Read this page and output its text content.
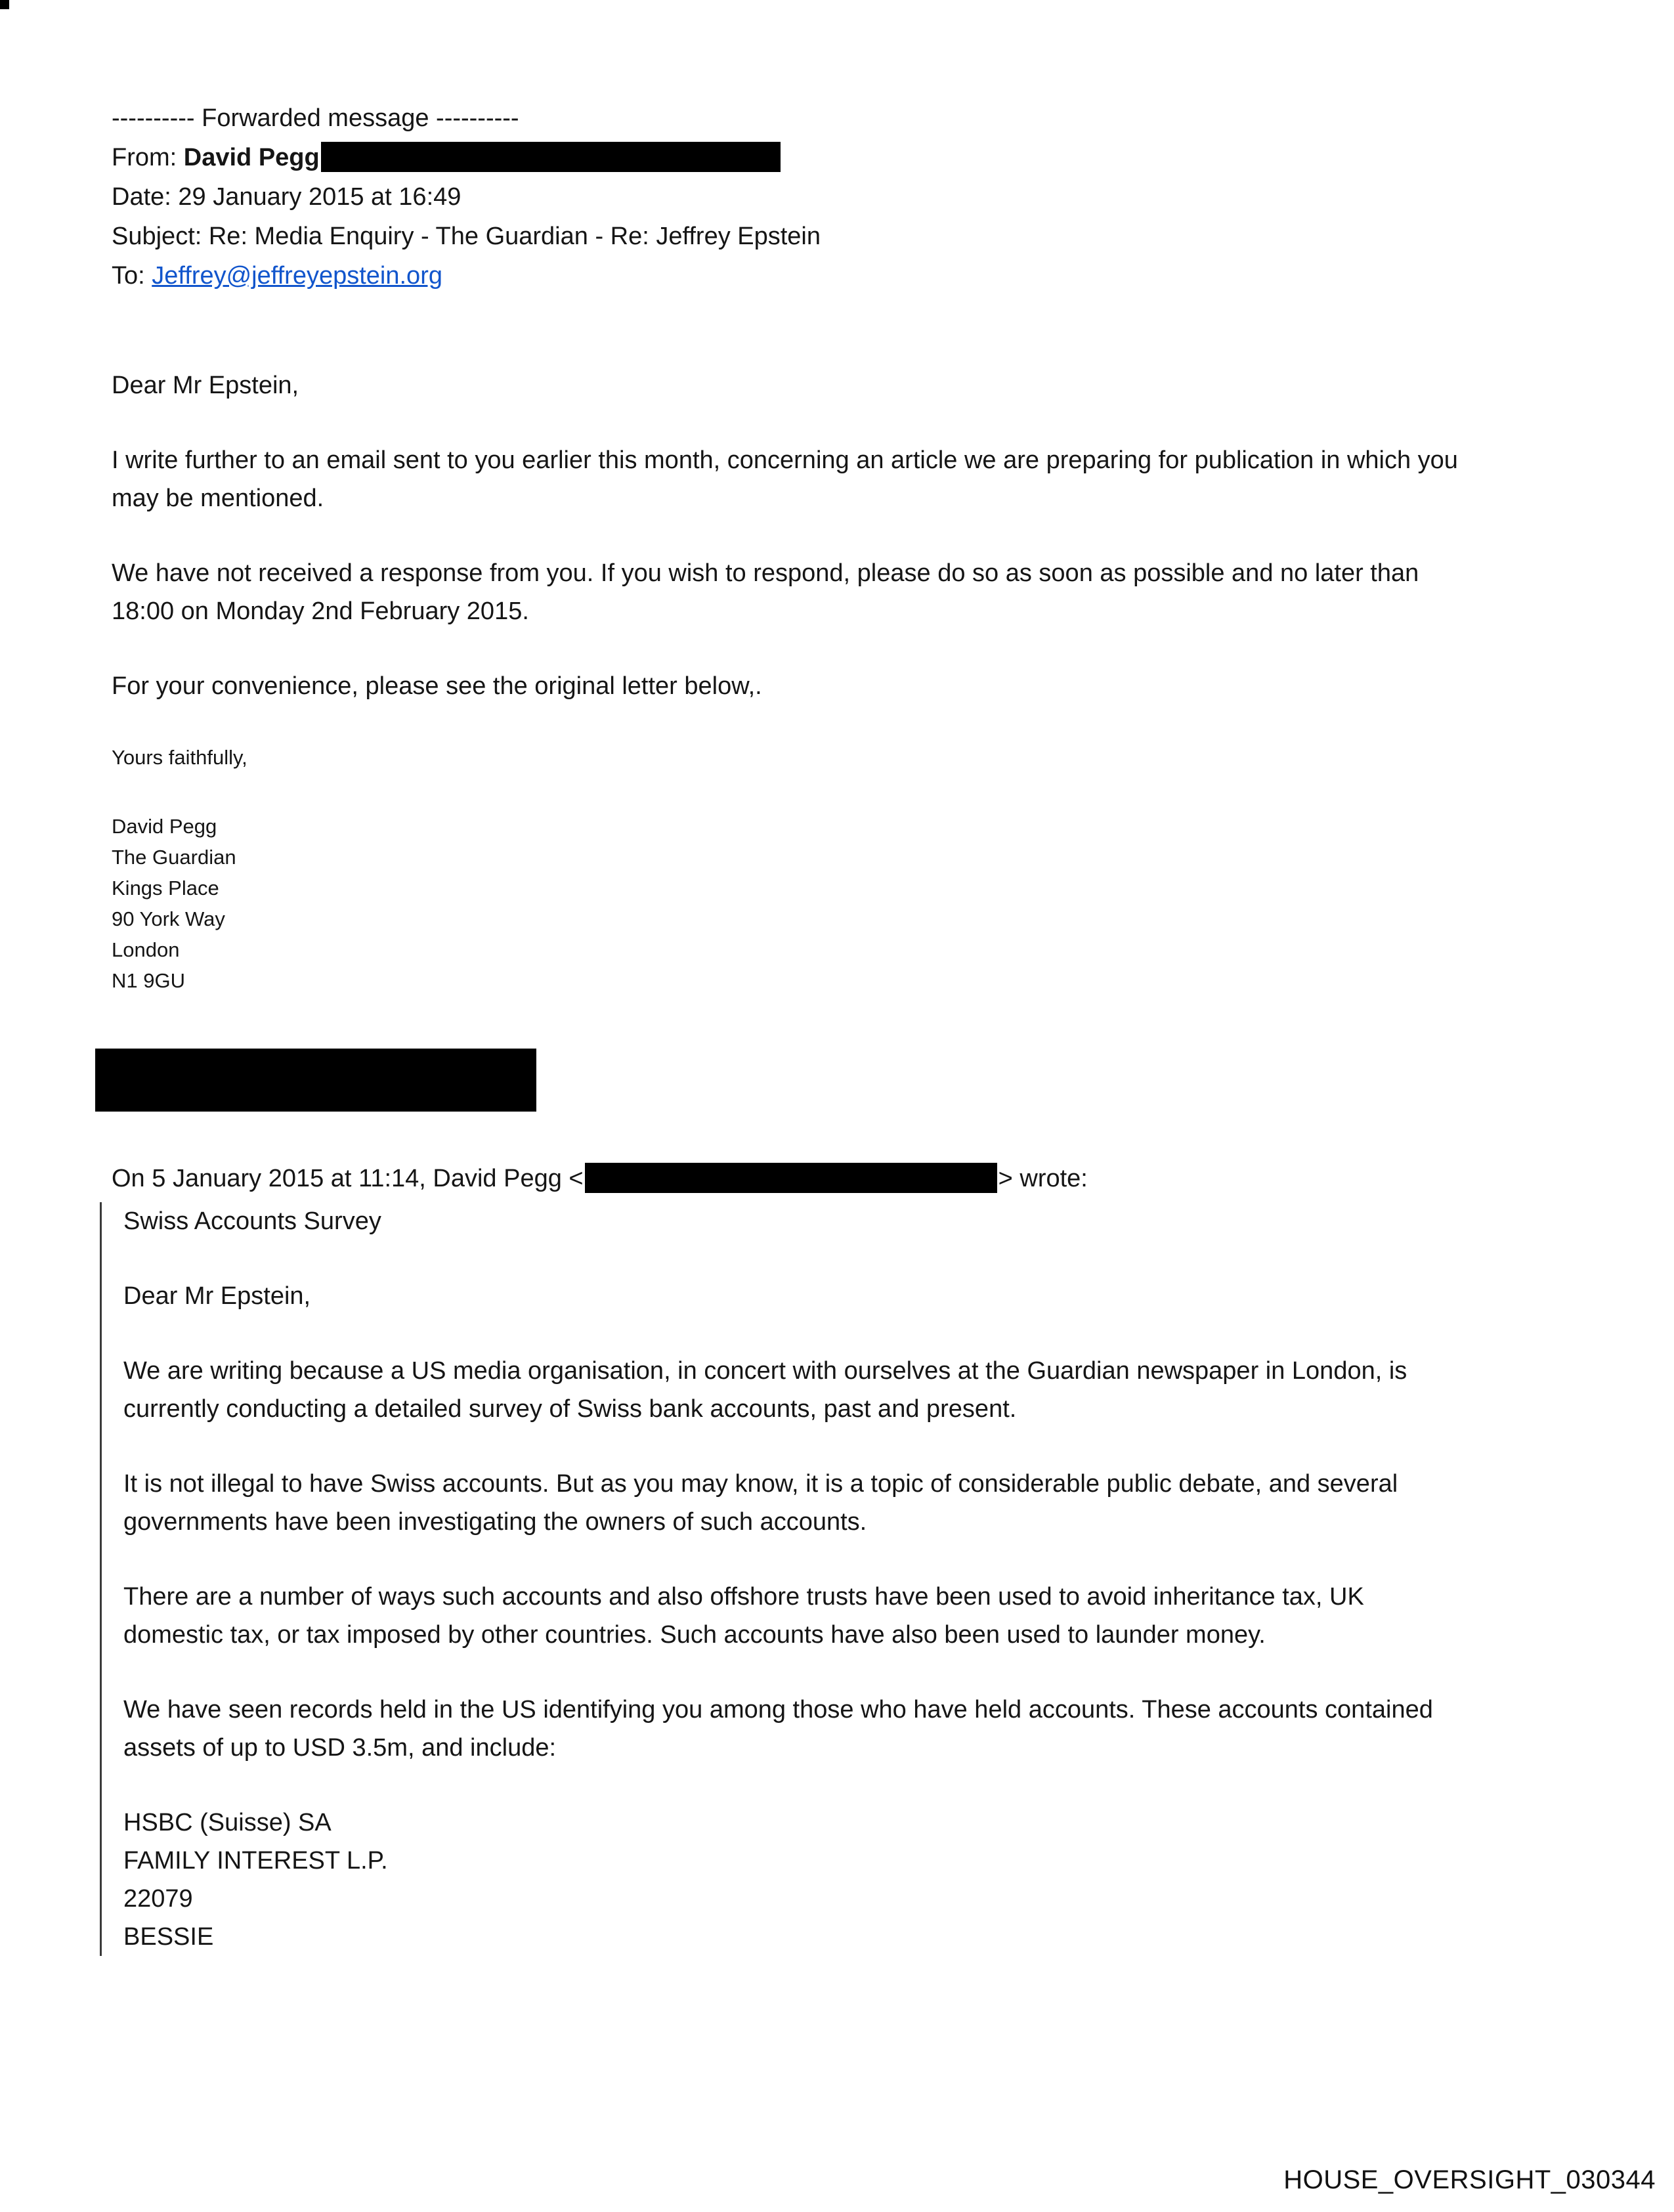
---------- Forwarded message ----------
From: David Pegg
Date: 29 January 2015 at 16:49
Subject: Re: Media Enquiry - The Guardian - Re: Jeffrey Epstein
To: Jeffrey@jeffreyepstein.org
Dear Mr Epstein,

I write further to an email sent to you earlier this month, concerning an article we are preparing for publication in which you may be mentioned.

We have not received a response from you. If you wish to respond, please do so as soon as possible and no later than 18:00 on Monday 2nd February 2015.

For your convenience, please see the original letter below,.

Yours faithfully,
David Pegg
The Guardian
Kings Place
90 York Way
London
N1 9GU
On 5 January 2015 at 11:14, David Pegg <	> wrote:
Swiss Accounts Survey
Dear Mr Epstein,

We are writing because a US media organisation, in concert with ourselves at the Guardian newspaper in London, is currently conducting a detailed survey of Swiss bank accounts, past and present.

It is not illegal to have Swiss accounts. But as you may know, it is a topic of considerable public debate, and several governments have been investigating the owners of such accounts.

There are a number of ways such accounts and also offshore trusts have been used to avoid inheritance tax, UK domestic tax, or tax imposed by other countries. Such accounts have also been used to launder money.

We have seen records held in the US identifying you among those who have held accounts. These accounts contained assets of up to USD 3.5m, and include:

HSBC (Suisse) SA
FAMILY INTEREST L.P.
22079
BESSIE
HOUSE_OVERSIGHT_030344
